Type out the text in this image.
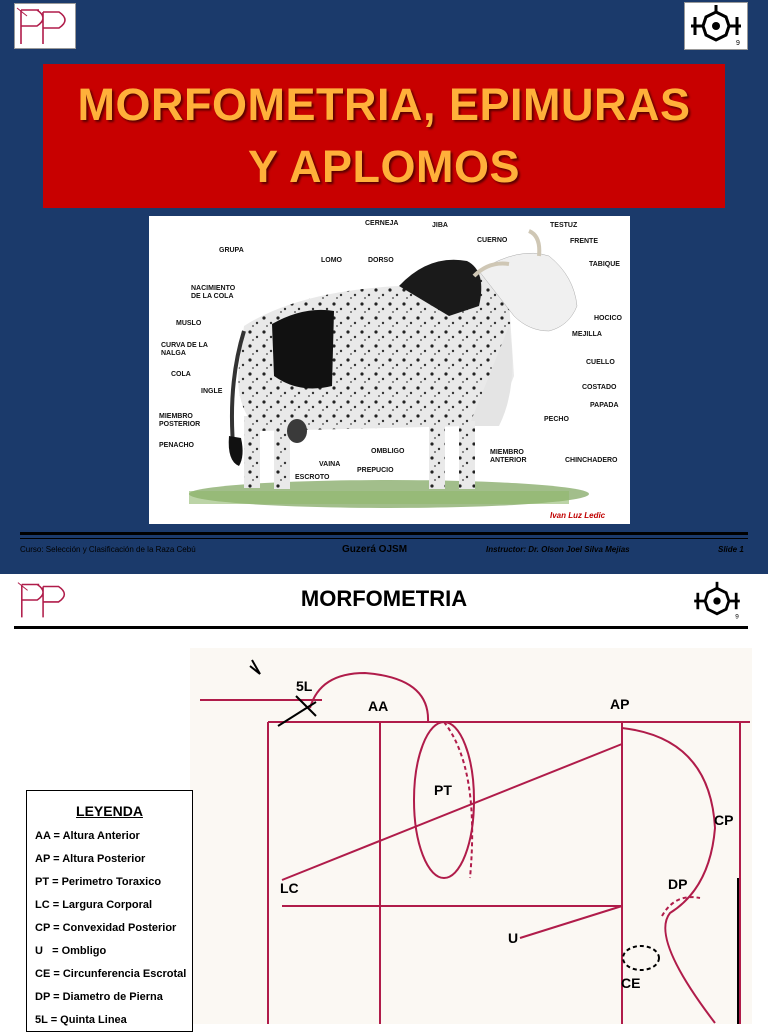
9
MORFOMETRIA, EPIMURAS
Y APLOMOS
CERNEJA	JIBA	TESTUZ
CUERNO	FRENTE
GRUPA
LOMO	DORSO
TABIQUE
NACIMIENTO
DE LA COLA
HOCICO
MUSLO
MEJILLA
CURVA DE LA
NALGA
CUELLO
COLA
INGLE
COSTADO
PAPADA
MIEMBRO
POSTERIOR
PECHO
PENACHO
OMBLIGO	MIEMBRO
ANTERIOR	CHINCHADERO
VAINA
PREPUCIO
ESCROTO
Ivan Luz Ledic
Curso: Selección y Clasificación de la Raza Cebú	Guzerá OJSM	Instructor: Dr. Olson Joel Silva Mejías	Slide 1
MORFOMETRIA
9
5L
AA	AP
PT
CP
LC	DP
U
CE
LEYENDA
AA = Altura Anterior
AP = Altura Posterior
PT = Perimetro Toraxico
LC = Largura Corporal
CP = Convexidad Posterior
U   = Ombligo
CE = Circunferencia Escrotal
DP = Diametro de Pierna
5L = Quinta Linea
